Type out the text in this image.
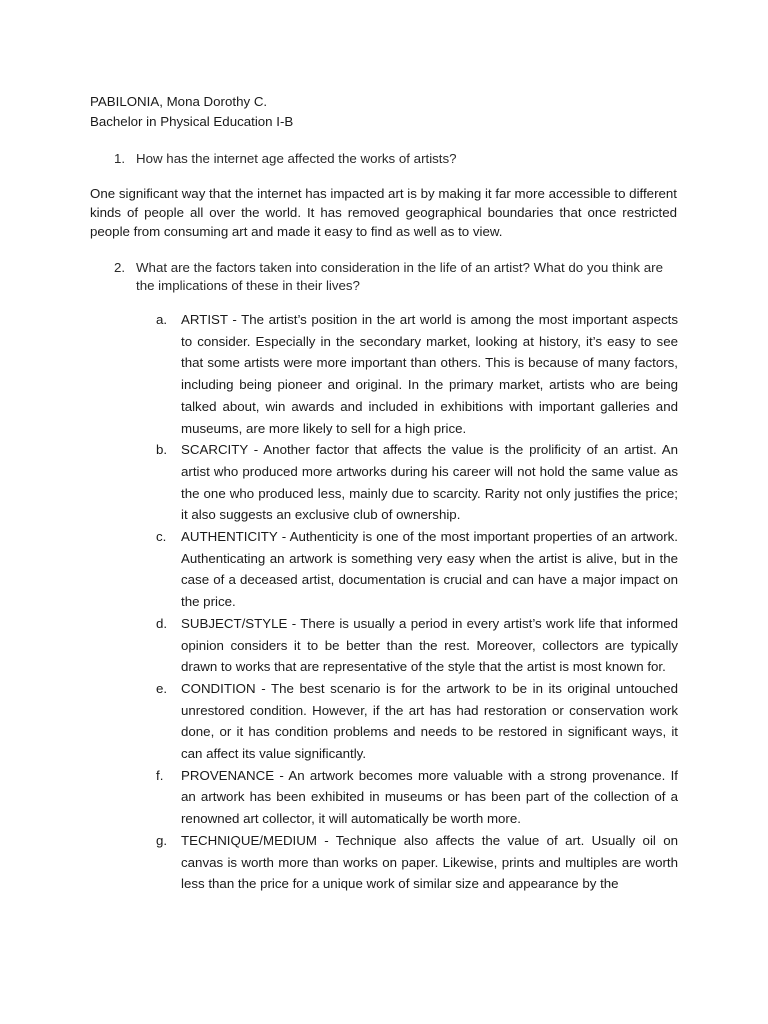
PABILONIA, Mona Dorothy C.
Bachelor in Physical Education I-B
1. How has the internet age affected the works of artists?
One significant way that the internet has impacted art is by making it far more accessible to different kinds of people all over the world. It has removed geographical boundaries that once restricted people from consuming art and made it easy to find as well as to view.
2. What are the factors taken into consideration in the life of an artist? What do you think are the implications of these in their lives?
a. ARTIST - The artist’s position in the art world is among the most important aspects to consider. Especially in the secondary market, looking at history, it’s easy to see that some artists were more important than others. This is because of many factors, including being pioneer and original. In the primary market, artists who are being talked about, win awards and included in exhibitions with important galleries and museums, are more likely to sell for a high price.
b. SCARCITY - Another factor that affects the value is the prolificity of an artist. An artist who produced more artworks during his career will not hold the same value as the one who produced less, mainly due to scarcity. Rarity not only justifies the price; it also suggests an exclusive club of ownership.
c. AUTHENTICITY - Authenticity is one of the most important properties of an artwork. Authenticating an artwork is something very easy when the artist is alive, but in the case of a deceased artist, documentation is crucial and can have a major impact on the price.
d. SUBJECT/STYLE - There is usually a period in every artist’s work life that informed opinion considers it to be better than the rest. Moreover, collectors are typically drawn to works that are representative of the style that the artist is most known for.
e. CONDITION - The best scenario is for the artwork to be in its original untouched unrestored condition. However, if the art has had restoration or conservation work done, or it has condition problems and needs to be restored in significant ways, it can affect its value significantly.
f. PROVENANCE - An artwork becomes more valuable with a strong provenance. If an artwork has been exhibited in museums or has been part of the collection of a renowned art collector, it will automatically be worth more.
g. TECHNIQUE/MEDIUM - Technique also affects the value of art. Usually oil on canvas is worth more than works on paper. Likewise, prints and multiples are worth less than the price for a unique work of similar size and appearance by the
